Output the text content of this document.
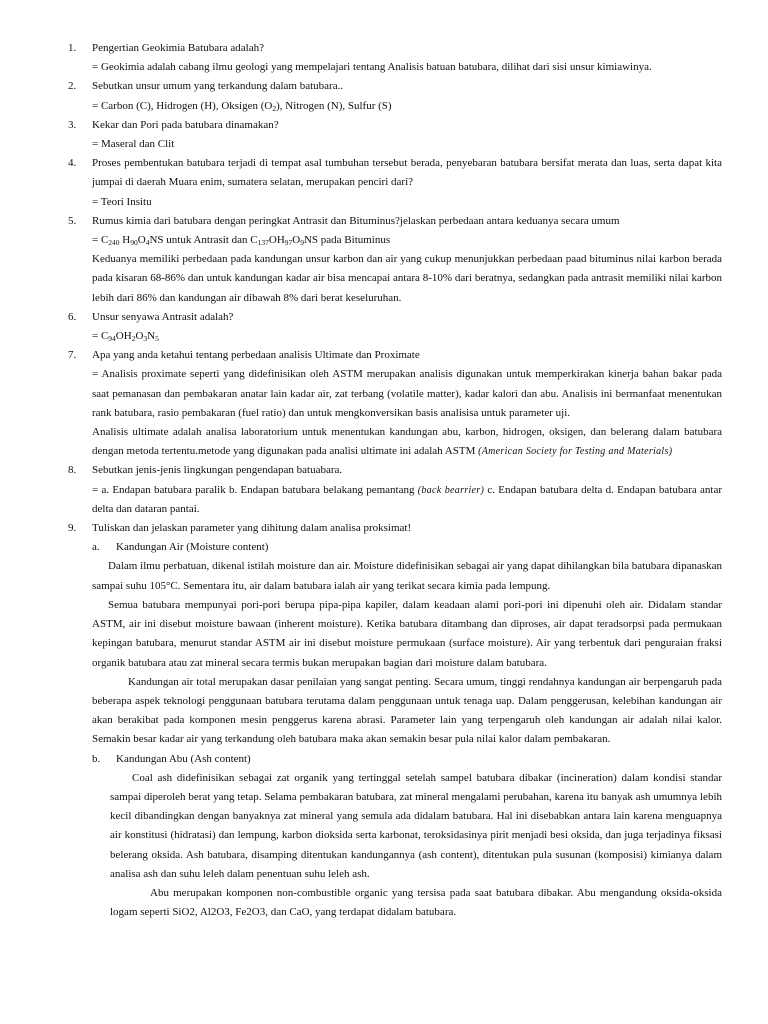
1. Pengertian Geokimia Batubara adalah?

= Geokimia adalah cabang ilmu geologi yang mempelajari tentang Analisis batuan batubara, dilihat dari sisi unsur kimiawinya.

2. Sebutkan unsur umum yang terkandung dalam batubara..

= Carbon (C), Hidrogen (H), Oksigen $(O_2)$, Nitrogen (N), Sulfur (S)

3. Kekar dan Pori pada batubara dinamakan?

= Maseral dan Clit

4. Proses pembentukan batubara terjadi di tempat asal tumbuhan tersebut berada, penyebaran batubara bersifat merata dan luas, serta dapat kita jumpai di daerah Muara enim, sumatera selatan, merupakan penciri dari?

= Teori Insitu

5. Rumus kimia dari batubara dengan peringkat Antrasit dan Bituminus?jelaskan perbedaan antara keduanya secara umum

= $C_{240}$ $H_{90}O_4NS$ untuk Antrasit dan $C_{137}OH_{97}O_9NS$ pada Bituminus

Keduanya memiliki perbedaan pada kandungan unsur karbon dan air yang cukup menunjukkan perbedaan paad bituminus nilai karbon berada pada kisaran 68-86% dan untuk kandungan kadar air bisa mencapai antara 8-10% dari beratnya, sedangkan pada antrasit memiliki nilai karbon lebih dari 86% dan kandungan air dibawah 8% dari berat keseluruhan.

6. Unsur senyawa Antrasit adalah?

= $C_{94}OH_2O_3N_5$

7. Apa yang anda ketahui tentang perbedaan analisis Ultimate dan Proximate

= Analisis proximate seperti yang didefinisikan oleh ASTM merupakan analisis digunakan untuk memperkirakan kinerja bahan bakar pada saat pemanasan dan pembakaran anatar lain kadar air, zat terbang (volatile matter), kadar kalori dan abu. Analisis ini bermanfaat menentukan rank batubara, rasio pembakaran (fuel ratio) dan untuk mengkonversikan basis analisisa untuk parameter uji.

Analisis ultimate adalah analisa laboratorium untuk menentukan kandungan abu, karbon, hidrogen, oksigen, dan belerang dalam batubara dengan metoda tertentu.metode yang digunakan pada analisi ultimate ini adalah ASTM (American Society for Testing and Materials)

8. Sebutkan jenis-jenis lingkungan pengendapan batuabara.

= a. Endapan batubara paralik b. Endapan batubara belakang pemantang (back bearrier) c. Endapan batubara delta d. Endapan batubara antar delta dan dataran pantai.

9. Tuliskan dan jelaskan parameter yang dihitung dalam analisa proksimat!

a. Kandungan Air (Moisture content)

Dalam ilmu perbatuan, dikenal istilah moisture dan air. Moisture didefinisikan sebagai air yang dapat dihilangkan bila batubara dipanaskan sampai suhu 105°C. Sementara itu, air dalam batubara ialah air yang terikat secara kimia pada lempung.

Semua batubara mempunyai pori-pori berupa pipa-pipa kapiler, dalam keadaan alami pori-pori ini dipenuhi oleh air. Didalam standar ASTM, air ini disebut moisture bawaan (inherent moisture). Ketika batubara ditambang dan diproses, air dapat teradsorpsi pada permukaan kepingan batubara, menurut standar ASTM air ini disebut moisture permukaan (surface moisture). Air yang terbentuk dari penguraian fraksi organik batubara atau zat mineral secara termis bukan merupakan bagian dari moisture dalam batubara.

Kandungan air total merupakan dasar penilaian yang sangat penting. Secara umum, tinggi rendahnya kandungan air berpengaruh pada beberapa aspek teknologi penggunaan batubara terutama dalam penggunaan untuk tenaga uap. Dalam penggerusan, kelebihan kandungan air akan berakibat pada komponen mesin penggerus karena abrasi. Parameter lain yang terpengaruh oleh kandungan air adalah nilai kalor. Semakin besar kadar air yang terkandung oleh batubara maka akan semakin besar pula nilai kalor dalam pembakaran.

b. Kandungan Abu (Ash content)

Coal ash didefinisikan sebagai zat organik yang tertinggal setelah sampel batubara dibakar (incineration) dalam kondisi standar sampai diperoleh berat yang tetap. Selama pembakaran batubara, zat mineral mengalami perubahan, karena itu banyak ash umumnya lebih kecil dibandingkan dengan banyaknya zat mineral yang semula ada didalam batubara. Hal ini disebabkan antara lain karena menguapnya air konstitusi (hidratasi) dan lempung, karbon dioksida serta karbonat, teroksidasinya pirit menjadi besi oksida, dan juga terjadinya fiksasi belerang oksida. Ash batubara, disamping ditentukan kandungannya (ash content), ditentukan pula susunan (komposisi) kimianya dalam analisa ash dan suhu leleh dalam penentuan suhu leleh ash.

Abu merupakan komponen non-combustible organic yang tersisa pada saat batubara dibakar. Abu mengandung oksida-oksida logam seperti SiO2, Al2O3, Fe2O3, dan CaO, yang terdapat didalam batubara.
